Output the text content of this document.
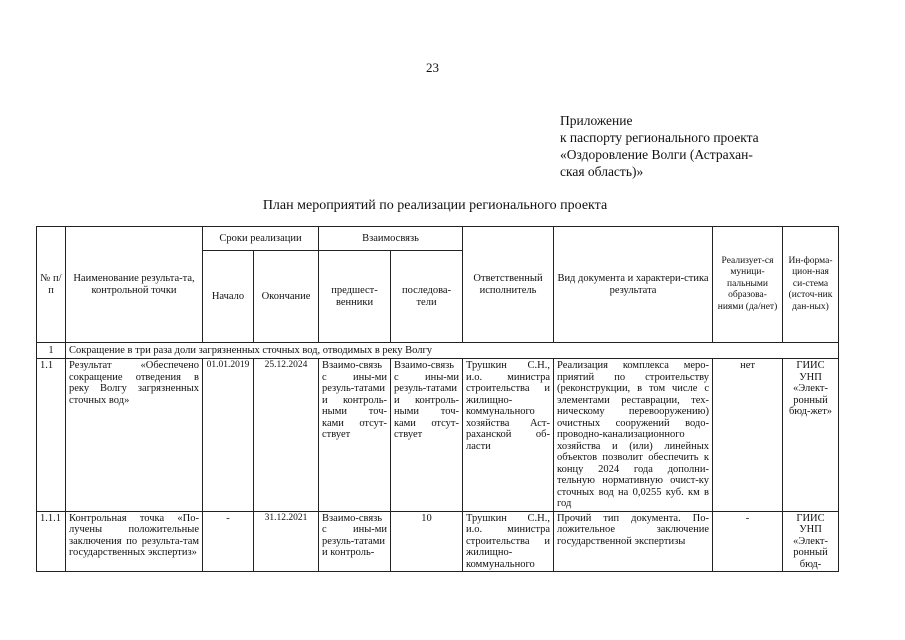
23
Приложение
к паспорту регионального проекта
«Оздоровление Волги (Астрахан-
ская область)»
План мероприятий по реализации регионального проекта
№ п/п	Наименование результа-та, контрольной точки	Сроки реализации		Взаимосвязь		Ответственный исполнитель	Вид документа и характери-стика результата	Реализует-ся муници-пальными образова-ниями (да/нет)	Ин-форма-цион-ная си-стема (источ-ник дан-ных)
		Начало	Окончание	предшест-венники	последова-тели				
1	Сокращение в три раза доли загрязненных сточных вод, отводимых в реку Волгу								
1.1	Результат «Обеспечено сокращение отведения в реку Волгу загрязненных сточных вод»	01.01.2019	25.12.2024	Взаимо-связь с ины-ми резуль-татами и контроль-ными точ-ками отсут-ствует	Взаимо-связь с ины-ми резуль-татами и контроль-ными точ-ками отсут-ствует	Трушкин С.Н., и.о. министра строительства и жилищно-коммунального хозяйства Аст-раханской об-ласти	Реализация комплекса меро-приятий по строительству (реконструкции, в том числе с элементами реставрации, тех-ническому перевооружению) очистных сооружений водо-проводно-канализационного хозяйства и (или) линейных объектов позволит обеспечить к концу 2024 года дополни-тельную нормативную очист-ку сточных вод на 0,0255 куб. км в год	нет	ГИИС УНП «Элект-ронный бюд-жет»
1.1.1	Контрольная точка «По-лучены положительные заключения по результа-там государственных экспертиз»	-	31.12.2021	Взаимо-связь с ины-ми резуль-татами и контроль-	10	Трушкин С.Н., и.о. министра строительства и жилищно-коммунального	Прочий тип документа. По-ложительное заключение государственной экспертизы	-	ГИИС УНП «Элект-ронный бюд-
